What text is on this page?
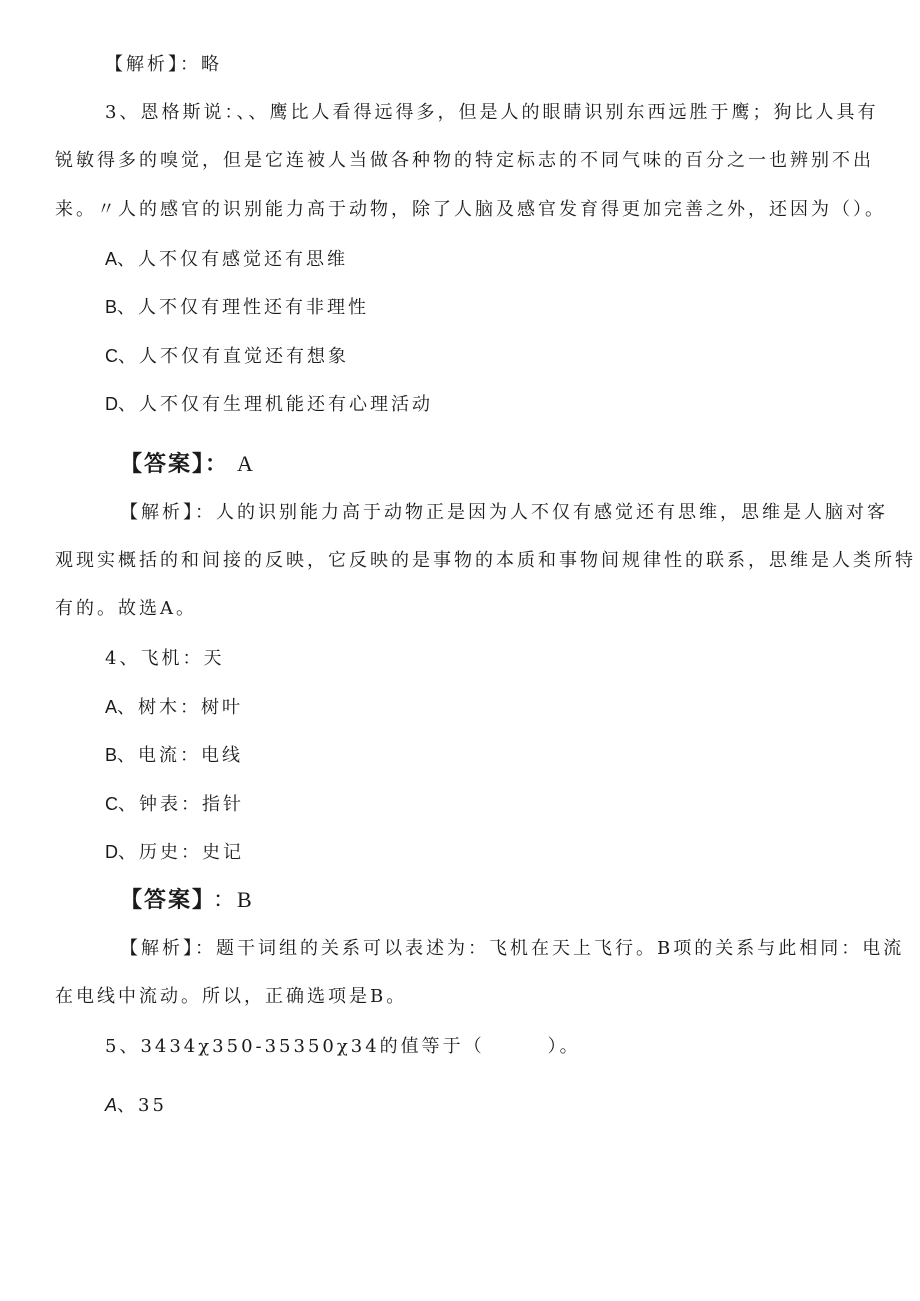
【解析】：略
3、恩格斯说：、、鹰比人看得远得多，但是人的眼睛识别东西远胜于鹰；狗比人具有
锐敏得多的嗅觉，但是它连被人当做各种物的特定标志的不同气味的百分之一也辨别不出
来。〃人的感官的识别能力高于动物，除了人脑及感官发育得更加完善之外，还因为（）。
A、人不仅有感觉还有思维
B、人不仅有理性还有非理性
C、人不仅有直觉还有想象
D、人不仅有生理机能还有心理活动
【答案】： A
【解析】：人的识别能力高于动物正是因为人不仅有感觉还有思维，思维是人脑对客
观现实概括的和间接的反映，它反映的是事物的本质和事物间规律性的联系，思维是人类所特
有的。故选A。
4、飞机：天
A、树木：树叶
B、电流：电线
C、钟表：指针
D、历史：史记
【答案】 ：B
【解析】：题干词组的关系可以表述为：飞机在天上飞行。B项的关系与此相同：电流
在电线中流动。所以，正确选项是B。
5、3434χ350-35350χ34的值等于（　　　）。
A、35
